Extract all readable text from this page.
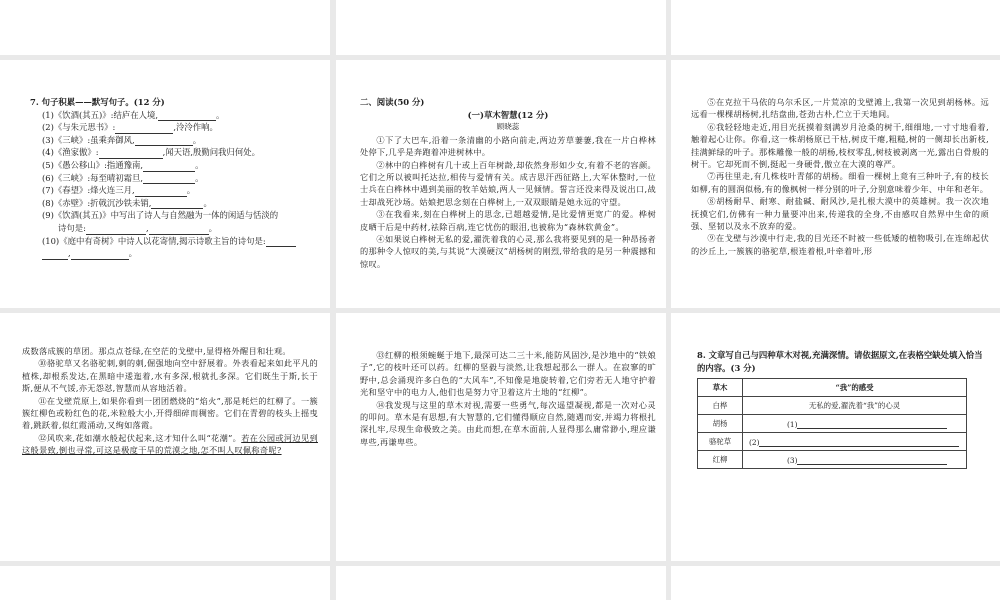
7. 句子积累——默写句子。(12 分)

(1)《饮酒(其五)》:结庐在人境,	。

(2)《与朱元思书》:	,泠泠作响。

(3)《三峡》:虽乘奔御风,	。

(4)《渔家傲》:	,闻天语,殷勤问我归何处。

(5)《愚公移山》:指通豫南,	。

(6)《三峡》:每至晴初霜旦,	。

(7)《春望》:烽火连三月,	。

(8)《赤壁》:折戟沉沙铁未销,	。

(9)《饮酒(其五)》中写出了诗人与自然融为一体的闲适与恬淡的

诗句是:	,	。

(10)《庭中有奇树》中诗人以花寄情,揭示诗歌主旨的诗句是:

,	。

二、阅读(50 分)

(一)草木智慧(12 分)

顾晓蕊

①下了大巴车,沿着一条清幽的小路向前走,两边芳草萋萋,我在一片白桦林处停下,几乎是奔跑着冲进树林中。

②林中的白桦树有几十或上百年树龄,却依然身形如少女,有着不老的容颜。它们之所以被叫托达拉,相传与爱情有关。成吉思汗西征路上,大军休整时,一位士兵在白桦林中遇到美丽的牧羊姑娘,两人一见倾情。誓言还没来得及说出口,战士却战死沙场。姑娘把思念刻在白桦树上,一双双眼睛是她永远的守望。

③在我看来,刻在白桦树上的思念,已超越爱情,是比爱情更宽广的爱。桦树皮晒干后是中药材,祛除百病,连它忧伤的眼泪,也被称为“森林软黄金”。

④如果说白桦树无私的爱,濯洗着我的心灵,那么我将要见到的是一种昂扬者的那种令人惊叹的美,与其说“大漠硬汉”胡杨树的刚烈,带给我的是另一种震撼和惊叹。

⑤在克拉干马依的乌尔禾区,一片荒凉的戈壁滩上,我第一次见到胡杨林。远远看一棵棵胡杨树,扎结盘曲,苍劲古朴,伫立于天地间。

⑥我轻轻地走近,用目光抚摸着刻满岁月沧桑的树干,细细地,一寸寸地看着,触着起心让你。你看,这一株胡杨原已干枯,树皮干瘪,粗糙,树的一侧却长出新枝,挂满鲜绿的叶子。那株雕像一般的胡杨,枝杈零乱,树枝被剥离一光,露出白骨般的树干。它却死而不倒,挺起一身硬骨,傲立在大漠的尊严。

⑦再往里走,有几株枝叶青郁的胡杨。细看一棵树上竟有三种叶子,有的枝长如柳,有的圆润似杨,有的像枫树一样分别的叶子,分别意味着少年、中年和老年。

⑧胡杨耐旱、耐寒、耐盐碱、耐风沙,是扎根大漠中的英雄树。我一次次地抚摸它们,仿佛有一种力量要冲出来,传递我的全身,不由感叹自然界中生命的顽强、坚韧以及永不放弃的爱。

⑨在戈壁与沙漠中行走,我的目光还不时被一些低矮的植物吸引,在连绵起伏的沙丘上,一簇簇的骆驼草,根连着根,叶牵着叶,形

成数落成簇的草团。那点点苍绿,在空茫的戈壁中,显得格外醒目和壮观。

⑩骆驼草又名骆驼刺,刺的刺,倔强地向空中舒展着。外表看起来如此平凡的植株,却根系发达,在黑暗中逶迤着,水有多深,根就扎多深。它们既生于斯,长于斯,便从不气馁,亦无怨怼,智慧而从容地活着。

⑪在戈壁荒原上,如果你看到一团团燃烧的“焰火”,那是耗烂的红柳了。一簇簇红柳色或粉红色的花,米粒般大小,开得细碎而稠密。它们在青碧的枝头上摇曳着,跳跃着,似红霞涌动,又绚如落霞。

⑫风吹来,花如潮水般起伏起来,这才知什么叫“花潮”。若在公园或河边见到这般景致,倒也寻常,可这是极度干旱的荒漠之地,怎不叫人叹佩称奇呢?

⑬红柳的根须蜿蜒于地下,最深可达二三十米,能防风固沙,是沙地中的“铁娘子”,它的枝叶还可以药。红柳的坚毅与淡然,让我想起那么一群人。在寂寥的旷野中,总会涌现许多白色的“大风车”,不知像是地旋转着,它们旁若无人地守护着光和坚守中的电力人,他们也是努力守卫着这片土地的“红柳”。

⑭我发现与这里的草木对视,需要一些勇气,每次遥望凝视,都是一次对心灵的叩问。草木是有思想,有大智慧的,它们懂得顺应自然,随遇而安,并竭力将根扎深扎牢,尽现生命极致之美。由此而想,在草木面前,人显得那么庸常渺小,理应谦卑些,再谦卑些。

8. 文章写自己与四种草木对视,充满深情。请依据原文,在表格空缺处填入恰当的内容。(3 分)

草木	“我”的感受
白桦	无私的爱,濯洗着“我”的心灵
胡杨	(1)
骆驼草	(2)
红柳	(3)
